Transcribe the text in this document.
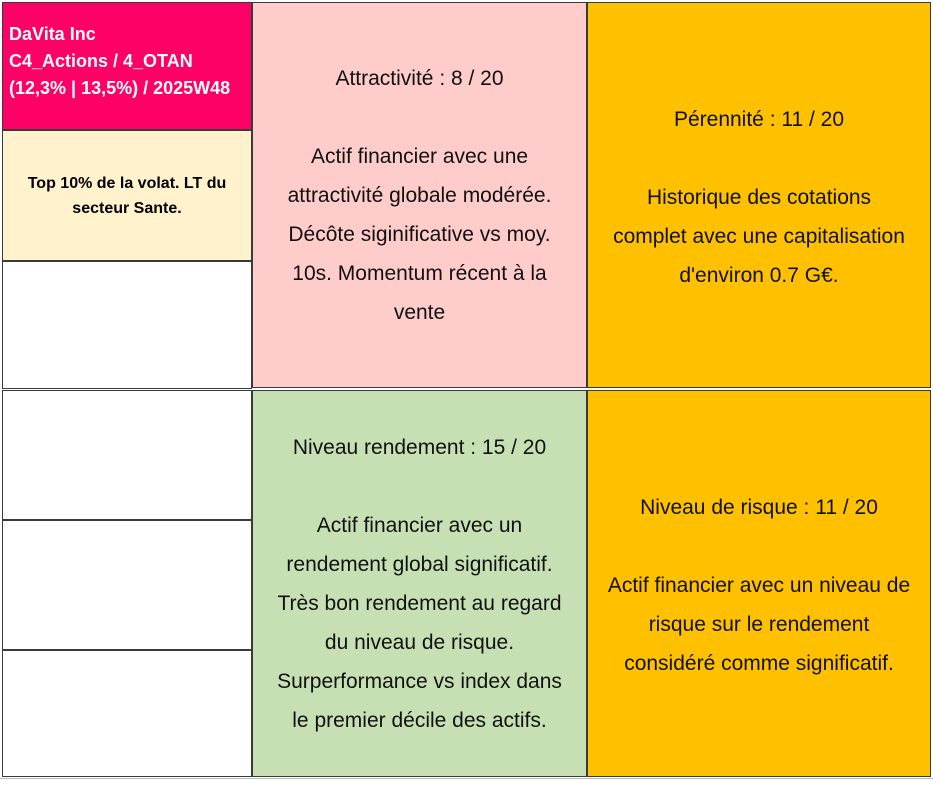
DaVita Inc
C4_Actions / 4_OTAN
(12,3% | 13,5%) / 2025W48
Top 10% de la volat. LT du secteur Sante.
Attractivité : 8 / 20
Actif financier avec une
attractivité globale modérée.
Décôte siginificative vs moy.
10s. Momentum récent à la
vente
Pérennité : 11 / 20
Historique des cotations
complet avec une capitalisation
d'environ 0.7 G€.
Niveau rendement : 15 / 20
Actif financier avec un
rendement global significatif.
Très bon rendement au regard
du niveau de risque.
Surperformance vs index dans
le premier décile des actifs.
Niveau de risque : 11 / 20
Actif financier avec un niveau de
risque sur le rendement
considéré comme significatif.
